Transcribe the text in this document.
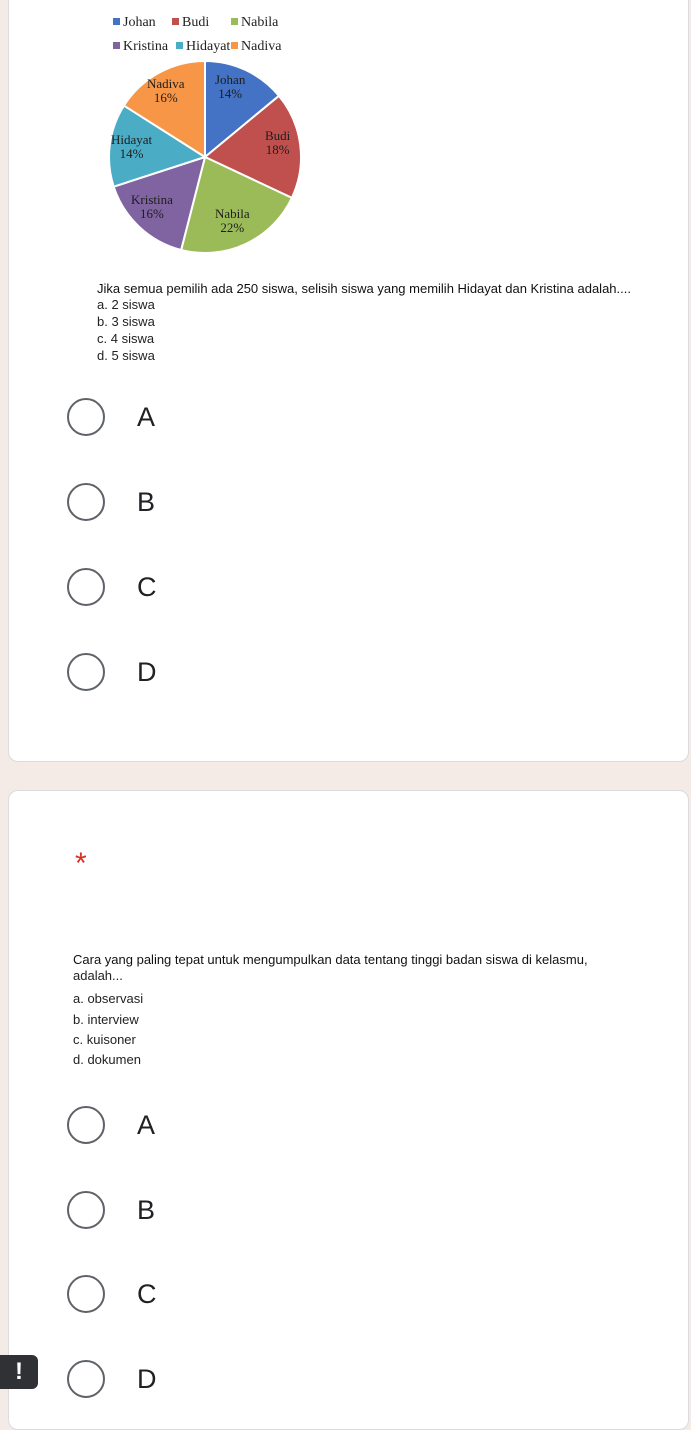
Johan	Budi	Nabila
Kristina	Hidayat Nadiva
Johan
14%
Budi
18%
Nabila
22%
Kristina
16%
Hidayat
14%
Nadiva
16%
Jika semua pemilih ada 250 siswa, selisih siswa yang memilih Hidayat dan Kristina adalah....
a. 2 siswa
b. 3 siswa
c. 4 siswa
d. 5 siswa
A
B
C
D
*
Cara yang paling tepat untuk mengumpulkan data tentang tinggi badan siswa di kelasmu,
adalah...
a. observasi
b. interview
c. kuisoner
d. dokumen
A
B
C
D
!
